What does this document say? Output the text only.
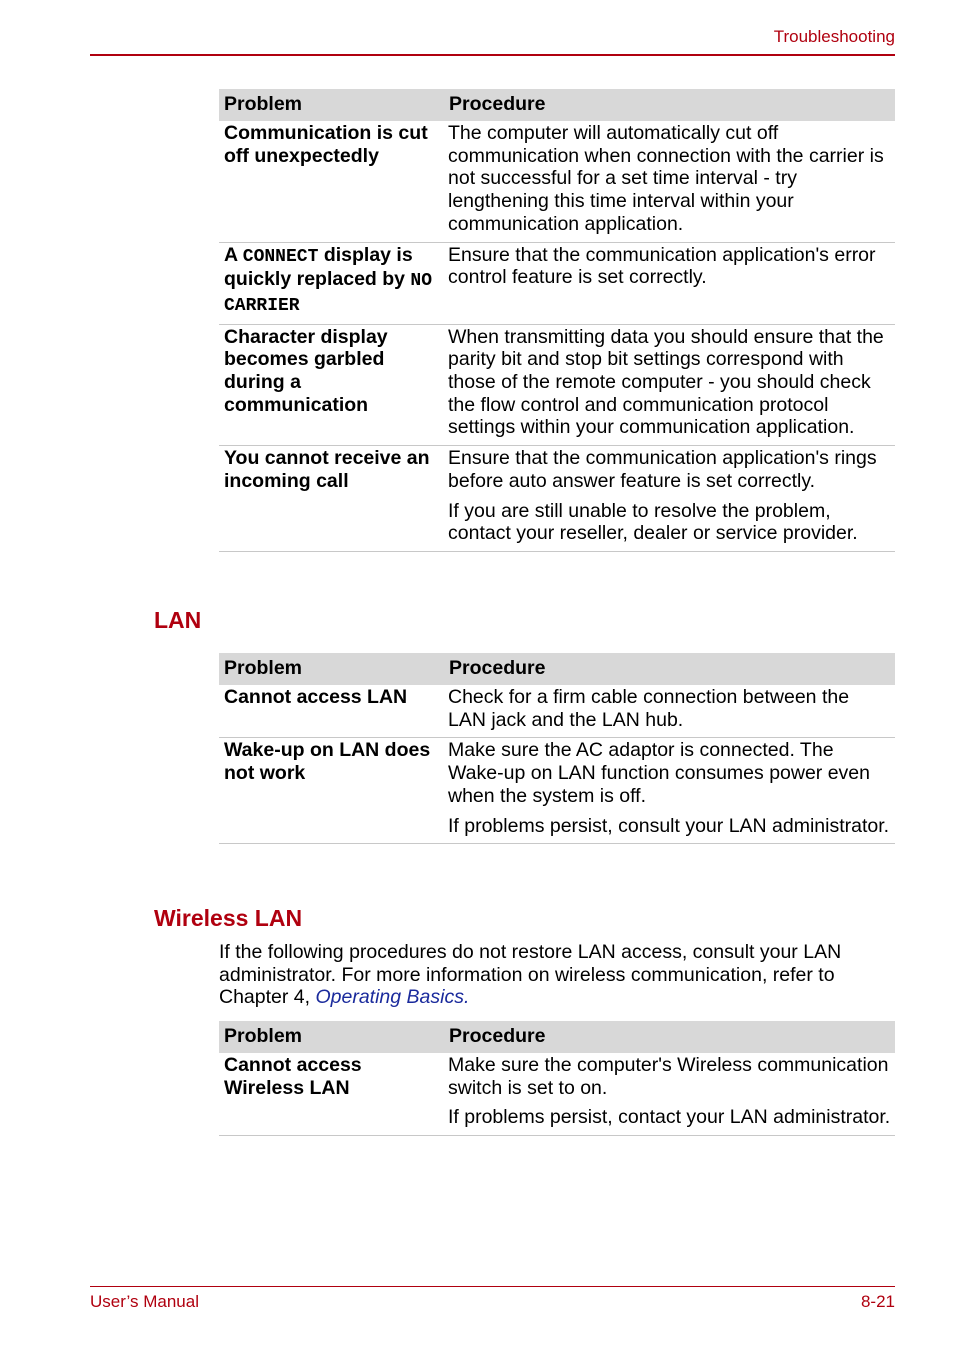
Troubleshooting
Problem	Procedure
Communication is cut off unexpectedly	The computer will automatically cut off communication when connection with the carrier is not successful for a set time interval - try lengthening this time interval within your communication application.

A CONNECT display is quickly replaced by NO CARRIER	Ensure that the communication application's error control feature is set correctly.

Character display becomes garbled during a communication	When transmitting data you should ensure that the parity bit and stop bit settings correspond with those of the remote computer - you should check the flow control and communication protocol settings within your communication application.

You cannot receive an incoming call	Ensure that the communication application's rings before auto answer feature is set correctly.

If you are still unable to resolve the problem, contact your reseller, dealer or service provider.

LAN
Problem	Procedure
Cannot access LAN	Check for a firm cable connection between the LAN jack and the LAN hub.

Wake-up on LAN does not work	Make sure the AC adaptor is connected. The Wake-up on LAN function consumes power even when the system is off.

If problems persist, consult your LAN administrator.

Wireless LAN

If the following procedures do not restore LAN access, consult your LAN administrator. For more information on wireless communication, refer to Chapter 4, Operating Basics.

Problem	Procedure
Cannot access Wireless LAN	Make sure the computer's Wireless communication switch is set to on.

If problems persist, contact your LAN administrator.

User’s Manual	8-21
